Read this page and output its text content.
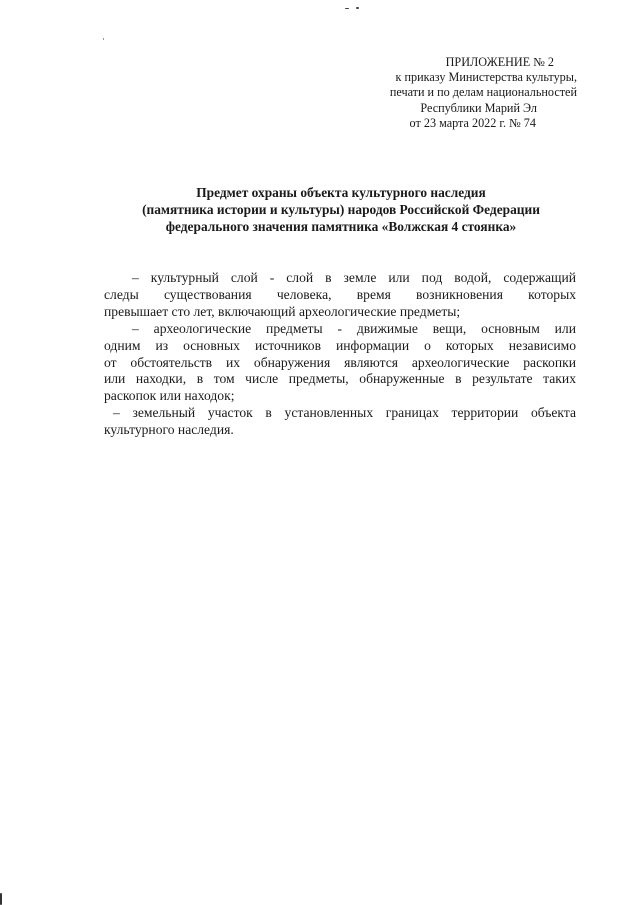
ПРИЛОЖЕНИЕ № 2
к приказу Министерства культуры,
печати и по делам национальностей
Республики Марий Эл
от 23 марта 2022 г. № 74
Предмет охраны объекта культурного наследия
(памятника истории и культуры) народов Российской Федерации
федерального значения памятника «Волжская 4 стоянка»
– культурный слой - слой в земле или под водой, содержащий
следы существования человека, время возникновения которых
превышает сто лет, включающий археологические предметы;
– археологические предметы - движимые вещи, основным или
одним из основных источников информации о которых независимо
от обстоятельств их обнаружения являются археологические раскопки
или находки, в том числе предметы, обнаруженные в результате таких
раскопок или находок;
– земельный участок в установленных границах территории объекта
культурного наследия.
